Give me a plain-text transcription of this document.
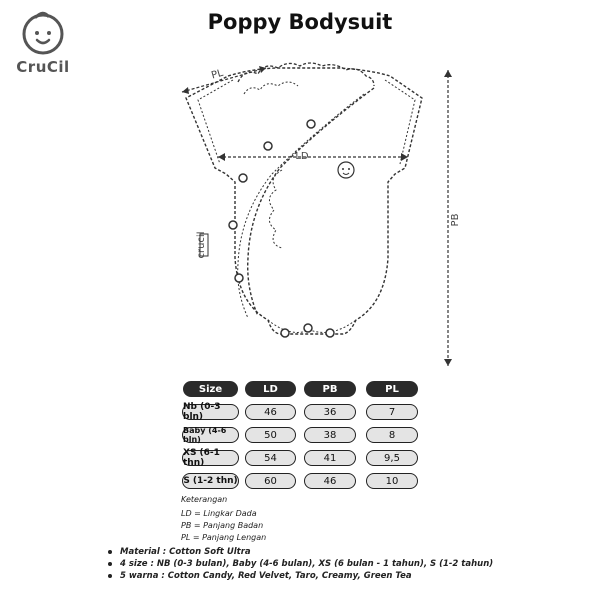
CruCil
Poppy Bodysuit
crucil
PL
LD
PB
Size	LD	PB	PL
Nb (0-3 bln)	46	36	7
Baby (4-6 bln)	50	38	8
XS (6-1 thn)	54	41	9,5
S (1-2 thn)	60	46	10
Keterangan
LD = Lingkar Dada
PB = Panjang Badan
PL = Panjang Lengan
Material : Cotton Soft Ultra
4 size : NB (0-3 bulan), Baby (4-6 bulan), XS (6 bulan - 1 tahun), S (1-2 tahun)
5 warna : Cotton Candy, Red Velvet, Taro, Creamy, Green Tea
